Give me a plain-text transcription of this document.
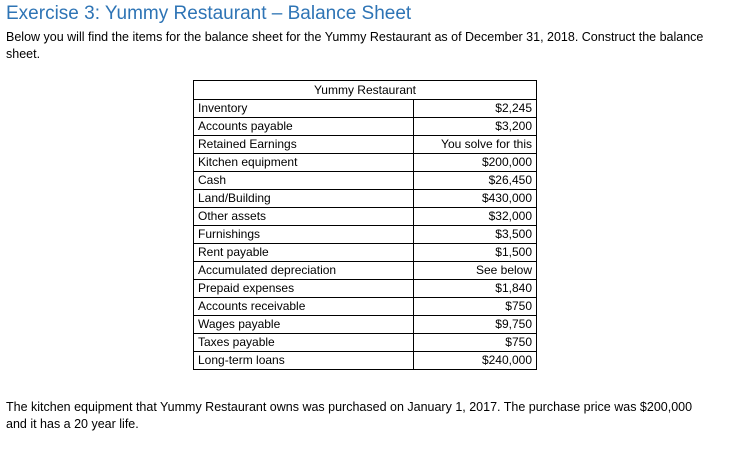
Exercise 3: Yummy Restaurant – Balance Sheet
Below you will find the items for the balance sheet for the Yummy Restaurant as of December 31, 2018. Construct the balance sheet.
Yummy Restaurant	
Inventory	$2,245
Accounts payable	$3,200
Retained Earnings	You solve for this
Kitchen equipment	$200,000
Cash	$26,450
Land/Building	$430,000
Other assets	$32,000
Furnishings	$3,500
Rent payable	$1,500
Accumulated depreciation	See below
Prepaid expenses	$1,840
Accounts receivable	$750
Wages payable	$9,750
Taxes payable	$750
Long-term loans	$240,000
The kitchen equipment that Yummy Restaurant owns was purchased on January 1, 2017. The purchase price was $200,000 and it has a 20 year life.
